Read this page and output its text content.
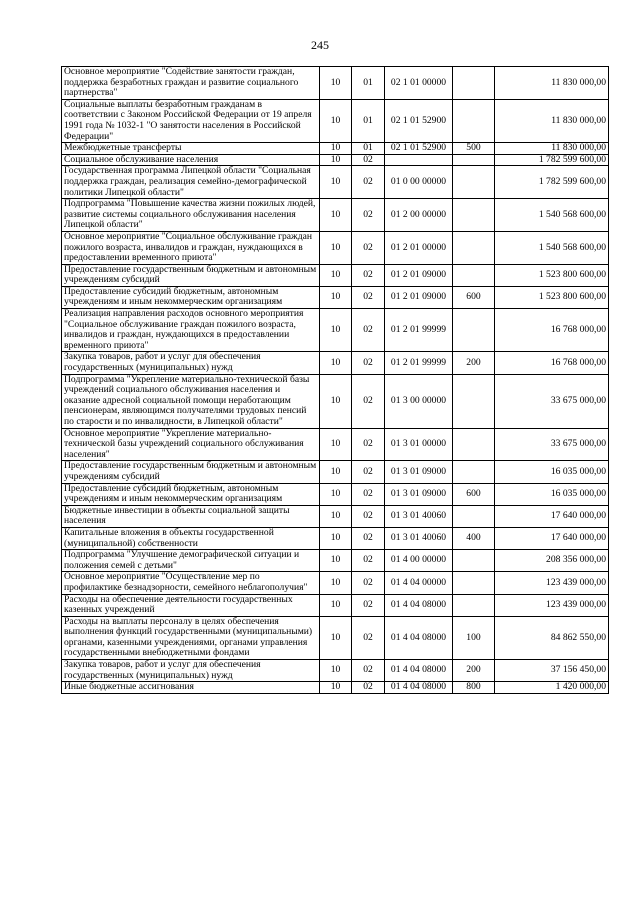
245
Основное мероприятие "Содействие занятости граждан, поддержка безработных граждан и развитие социального партнерства"	10	01	02 1 01 00000		11 830 000,00
Социальные выплаты безработным гражданам в соответствии с Законом Российской Федерации от 19 апреля 1991 года № 1032-1 "О занятости населения в Российской Федерации"	10	01	02 1 01 52900		11 830 000,00
Межбюджетные трансферты	10	01	02 1 01 52900	500	11 830 000,00
Социальное обслуживание населения	10	02			1 782 599 600,00
Государственная программа Липецкой области "Социальная поддержка граждан, реализация семейно-демографической политики Липецкой области"	10	02	01 0 00 00000		1 782 599 600,00
Подпрограмма "Повышение качества жизни пожилых людей, развитие системы социального обслуживания населения Липецкой области"	10	02	01 2 00 00000		1 540 568 600,00
Основное мероприятие "Социальное обслуживание граждан пожилого возраста, инвалидов и граждан, нуждающихся в предоставлении временного приюта"	10	02	01 2 01 00000		1 540 568 600,00
Предоставление государственным бюджетным и автономным учреждениям субсидий	10	02	01 2 01 09000		1 523 800 600,00
Предоставление субсидий бюджетным, автономным учреждениям и иным некоммерческим организациям	10	02	01 2 01 09000	600	1 523 800 600,00
Реализация направления расходов основного мероприятия "Социальное обслуживание граждан пожилого возраста, инвалидов и граждан, нуждающихся в предоставлении временного приюта"	10	02	01 2 01 99999		16 768 000,00
Закупка товаров, работ и услуг для обеспечения государственных (муниципальных) нужд	10	02	01 2 01 99999	200	16 768 000,00
Подпрограмма "Укрепление материально-технической базы учреждений социального обслуживания населения и оказание адресной социальной помощи неработающим пенсионерам, являющимся получателями трудовых пенсий по старости и по инвалидности, в Липецкой области"	10	02	01 3 00 00000		33 675 000,00
Основное мероприятие "Укрепление материально-технической базы учреждений социального обслуживания населения"	10	02	01 3 01 00000		33 675 000,00
Предоставление государственным бюджетным и автономным учреждениям субсидий	10	02	01 3 01 09000		16 035 000,00
Предоставление субсидий бюджетным, автономным учреждениям и иным некоммерческим организациям	10	02	01 3 01 09000	600	16 035 000,00
Бюджетные инвестиции в объекты социальной защиты населения	10	02	01 3 01 40060		17 640 000,00
Капитальные вложения в объекты государственной (муниципальной) собственности	10	02	01 3 01 40060	400	17 640 000,00
Подпрограмма "Улучшение демографической ситуации и положения семей с детьми"	10	02	01 4 00 00000		208 356 000,00
Основное мероприятие "Осуществление мер по профилактике безнадзорности, семейного неблагополучия"	10	02	01 4 04 00000		123 439 000,00
Расходы на обеспечение деятельности государственных казенных учреждений	10	02	01 4 04 08000		123 439 000,00
Расходы на выплаты персоналу в целях обеспечения выполнения функций государственными (муниципальными) органами, казенными учреждениями, органами управления государственными внебюджетными фондами	10	02	01 4 04 08000	100	84 862 550,00
Закупка товаров, работ и услуг для обеспечения государственных (муниципальных) нужд	10	02	01 4 04 08000	200	37 156 450,00
Иные бюджетные ассигнования	10	02	01 4 04 08000	800	1 420 000,00
